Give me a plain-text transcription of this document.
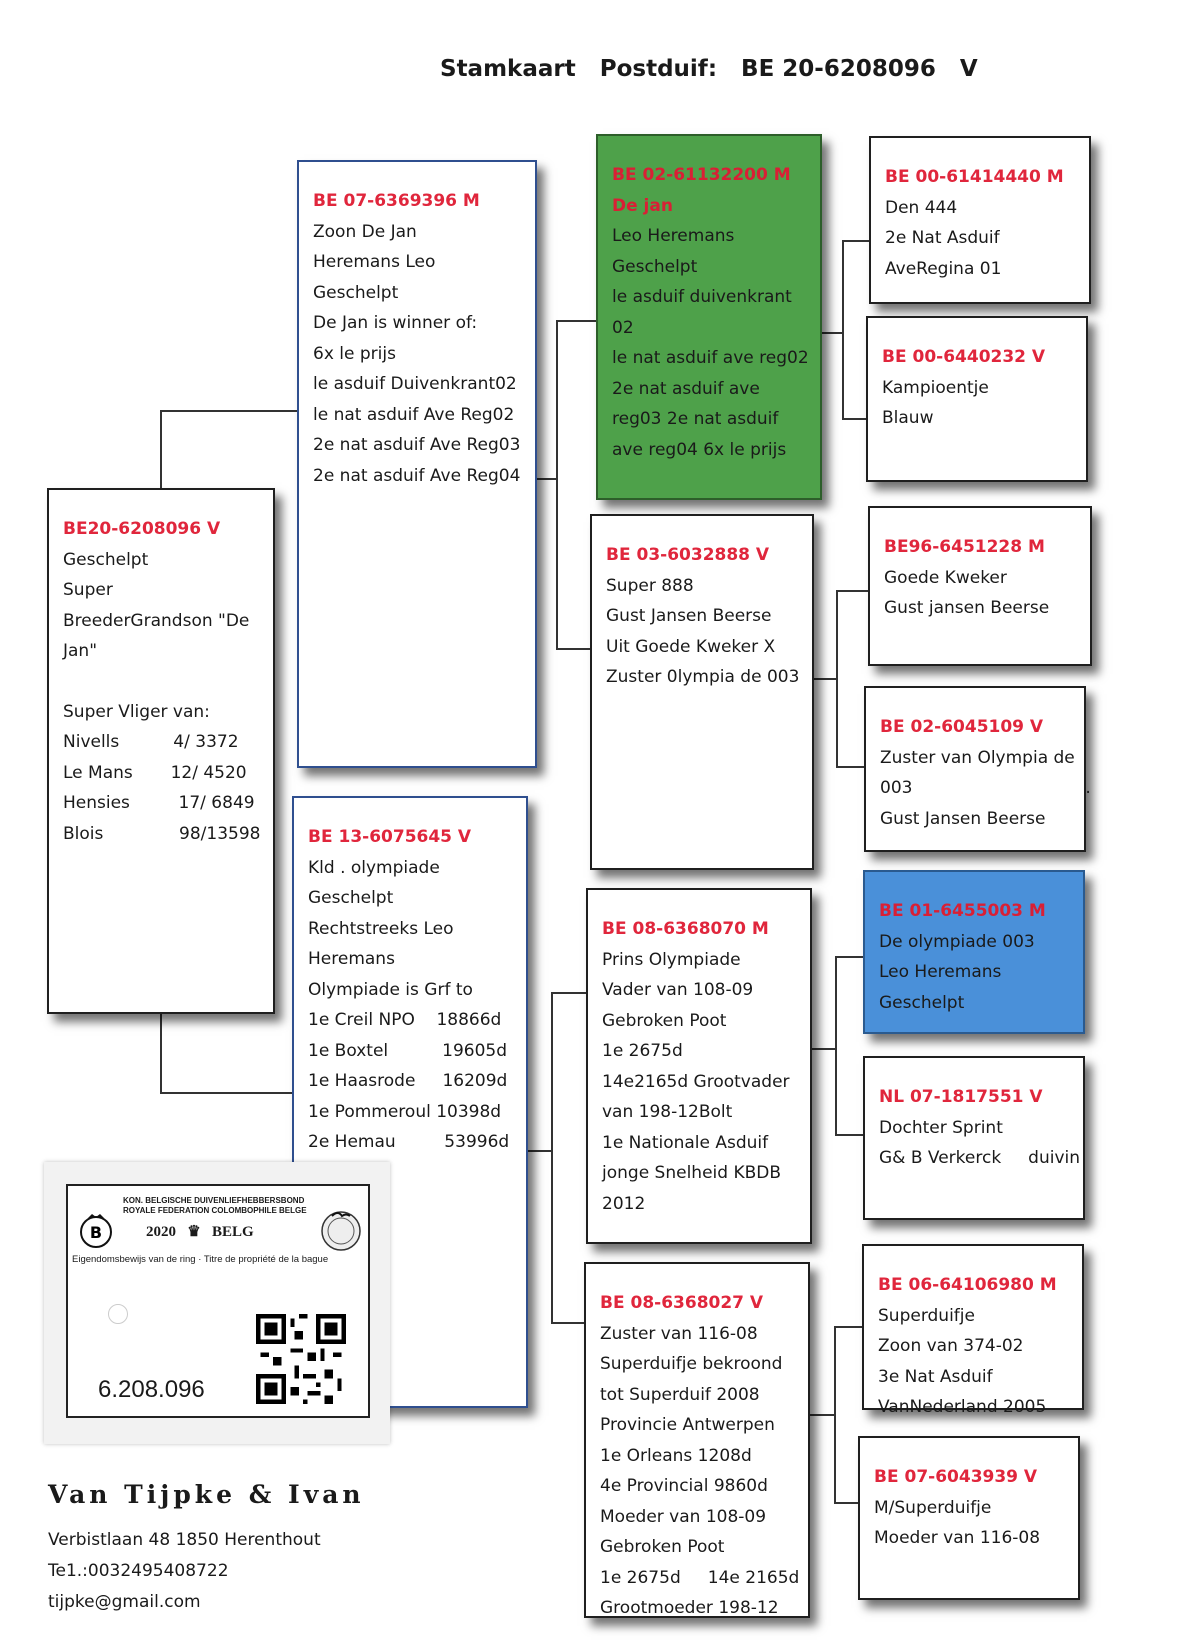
Stamkaart   Postduif:   BE 20-6208096   V
BE20-6208096 V
Geschelpt
Super
BreederGrandson "De
Jan"
Super Vliger van:
Nivells          4/ 3372
Le Mans       12/ 4520
Hensies         17/ 6849
Blois              98/13598
BE 07-6369396 M
Zoon De Jan
Heremans Leo
Geschelpt
De Jan is winner of:
6x le prijs
le asduif Duivenkrant02
le nat asduif Ave Reg02
2e nat asduif Ave Reg03
2e nat asduif Ave Reg04
BE 13-6075645 V
Kld . olympiade
Geschelpt
Rechtstreeks Leo
Heremans
Olympiade is Grf to
1e Creil NPO    18866d
1e Boxtel          19605d
1e Haasrode     16209d
1e Pommeroul 10398d
2e Hemau         53996d
BE 02-61132200 M
De jan
Leo Heremans
Geschelpt
le asduif duivenkrant
02
le nat asduif ave reg02
2e nat asduif ave
reg03 2e nat asduif
ave reg04 6x le prijs
BE 03-6032888 V
Super 888
Gust Jansen Beerse
Uit Goede Kweker X
Zuster 0lympia de 003
BE 08-6368070 M
Prins Olympiade
Vader van 108-09
Gebroken Poot
1e 2675d
14e2165d Grootvader
van 198-12Bolt
1e Nationale Asduif
jonge Snelheid KBDB
2012
BE 08-6368027 V
Zuster van 116-08
Superduifje bekroond
tot Superduif 2008
Provincie Antwerpen
1e Orleans 1208d
4e Provincial 9860d
Moeder van 108-09
Gebroken Poot
1e 2675d     14e 2165d
Grootmoeder 198-12
BE 00-61414440 M
Den 444
2e Nat Asduif
AveRegina 01
BE 00-6440232 V
Kampioentje
Blauw
BE96-6451228 M
Goede Kweker
Gust jansen Beerse
BE 02-6045109 V
Zuster van Olympia de
003                                .
Gust Jansen Beerse
BE 01-6455003 M
De olympiade 003
Leo Heremans
Geschelpt
NL 07-1817551 V
Dochter Sprint
G& B Verkerck     duivin
BE 06-64106980 M
Superduifje
Zoon van 374-02
3e Nat Asduif
VanNederland 2005
BE 07-6043939 V
M/Superduifje
Moeder van 116-08
B
KON. BELGISCHE DUIVENLIEFHEBBERSBOND
ROYALE FEDERATION COLOMBOPHILE BELGE
2020   ♛   BELG
Eigendomsbewijs van de ring · Titre de propriété de la bague
6.208.096
Van Tijpke & Ivan
Verbistlaan 48 1850 Herenthout
Te1.:0032495408722
tijpke@gmail.com
